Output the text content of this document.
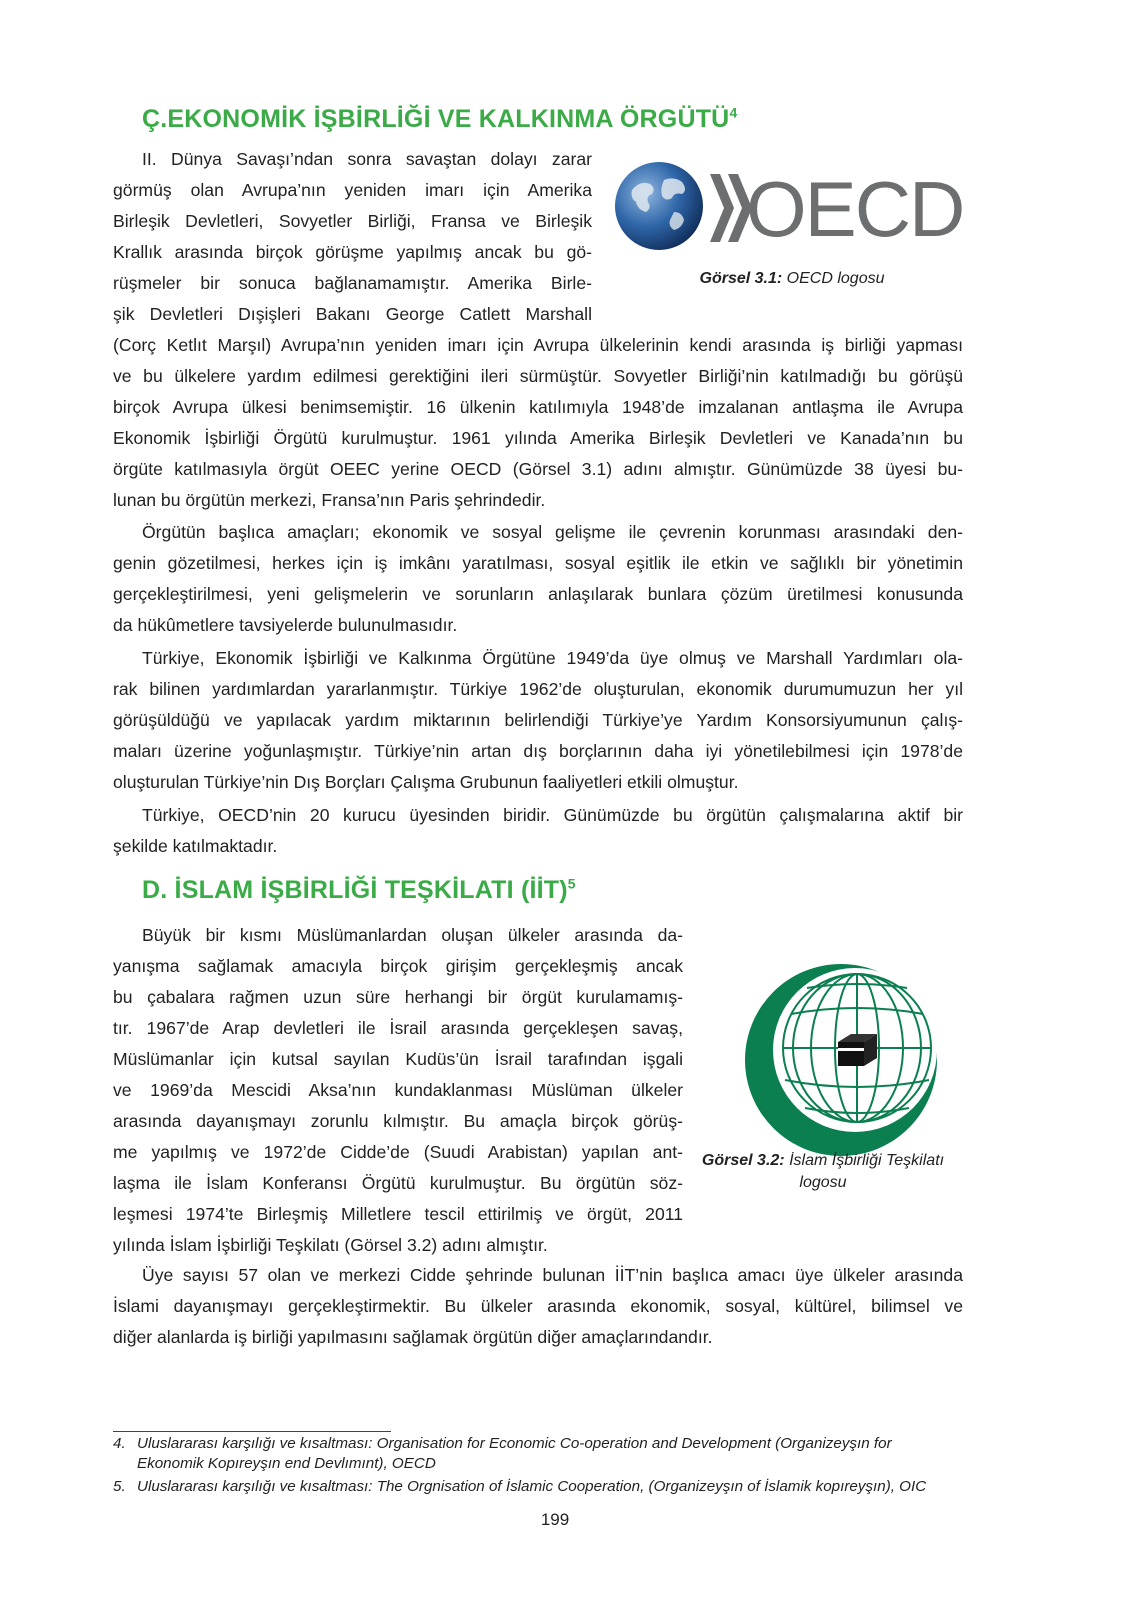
Ç.EKONOMİK İŞBİRLİĞİ VE KALKINMA ÖRGÜTÜ$^4$
II. Dünya Savaşı’ndan sonra savaştan dolayı zarar
görmüş olan Avrupa’nın yeniden imarı için Amerika
Birleşik Devletleri, Sovyetler Birliği, Fransa ve Birleşik
Krallık arasında birçok görüşme yapılmış ancak bu gö-
rüşmeler bir sonuca bağlanamamıştır. Amerika Birle-
şik Devletleri Dışişleri Bakanı George Catlett Marshall
OECD
Görsel 3.1: OECD logosu
(Corç Ketlıt Marşıl) Avrupa’nın yeniden imarı için Avrupa ülkelerinin kendi arasında iş birliği yapması
ve bu ülkelere yardım edilmesi gerektiğini ileri sürmüştür. Sovyetler Birliği’nin katılmadığı bu görüşü
birçok Avrupa ülkesi benimsemiştir. 16 ülkenin katılımıyla 1948’de imzalanan antlaşma ile Avrupa
Ekonomik İşbirliği Örgütü kurulmuştur. 1961 yılında Amerika Birleşik Devletleri ve Kanada’nın bu
örgüte katılmasıyla örgüt OEEC yerine OECD (Görsel 3.1) adını almıştır. Günümüzde 38 üyesi bu-
lunan bu örgütün merkezi, Fransa’nın Paris şehrindedir.
Örgütün başlıca amaçları; ekonomik ve sosyal gelişme ile çevrenin korunması arasındaki den-
genin gözetilmesi, herkes için iş imkânı yaratılması, sosyal eşitlik ile etkin ve sağlıklı bir yönetimin
gerçekleştirilmesi, yeni gelişmelerin ve sorunların anlaşılarak bunlara çözüm üretilmesi konusunda
da hükûmetlere tavsiyelerde bulunulmasıdır.
Türkiye, Ekonomik İşbirliği ve Kalkınma Örgütüne 1949’da üye olmuş ve Marshall Yardımları ola-
rak bilinen yardımlardan yararlanmıştır. Türkiye 1962’de oluşturulan, ekonomik durumumuzun her yıl
görüşüldüğü ve yapılacak yardım miktarının belirlendiği Türkiye’ye Yardım Konsorsiyumunun çalış-
maları üzerine yoğunlaşmıştır. Türkiye’nin artan dış borçlarının daha iyi yönetilebilmesi için 1978’de
oluşturulan Türkiye’nin Dış Borçları Çalışma Grubunun faaliyetleri etkili olmuştur.
Türkiye, OECD’nin 20 kurucu üyesinden biridir. Günümüzde bu örgütün çalışmalarına aktif bir
şekilde katılmaktadır.
D. İSLAM İŞBİRLİĞİ TEŞKİLATI (İİT)$^5$
Büyük bir kısmı Müslümanlardan oluşan ülkeler arasında da-
yanışma sağlamak amacıyla birçok girişim gerçekleşmiş ancak
bu çabalara rağmen uzun süre herhangi bir örgüt kurulamamış-
tır. 1967’de Arap devletleri ile İsrail arasında gerçekleşen savaş,
Müslümanlar için kutsal sayılan Kudüs’ün İsrail tarafından işgali
ve 1969’da Mescidi Aksa’nın kundaklanması Müslüman ülkeler
arasında dayanışmayı zorunlu kılmıştır. Bu amaçla birçok görüş-
me yapılmış ve 1972’de Cidde’de (Suudi Arabistan) yapılan ant-
laşma ile İslam Konferansı Örgütü kurulmuştur. Bu örgütün söz-
leşmesi 1974’te Birleşmiş Milletlere tescil ettirilmiş ve örgüt, 2011
yılında İslam İşbirliği Teşkilatı (Görsel 3.2) adını almıştır.
Görsel 3.2: İslam İşbirliği Teşkilatı
logosu
Üye sayısı 57 olan ve merkezi Cidde şehrinde bulunan İİT’nin başlıca amacı üye ülkeler arasında
İslami dayanışmayı gerçekleştirmektir. Bu ülkeler arasında ekonomik, sosyal, kültürel, bilimsel ve
diğer alanlarda iş birliği yapılmasını sağlamak örgütün diğer amaçlarındandır.
4. Uluslararası karşılığı ve kısaltması: Organisation for Economic Co-operation and Development (Organizeyşın for
Ekonomik Kopıreyşın end Devlımınt), OECD
5. Uluslararası karşılığı ve kısaltması: The Orgnisation of İslamic Cooperation, (Organizeyşın of İslamik kopıreyşın), OIC
199
